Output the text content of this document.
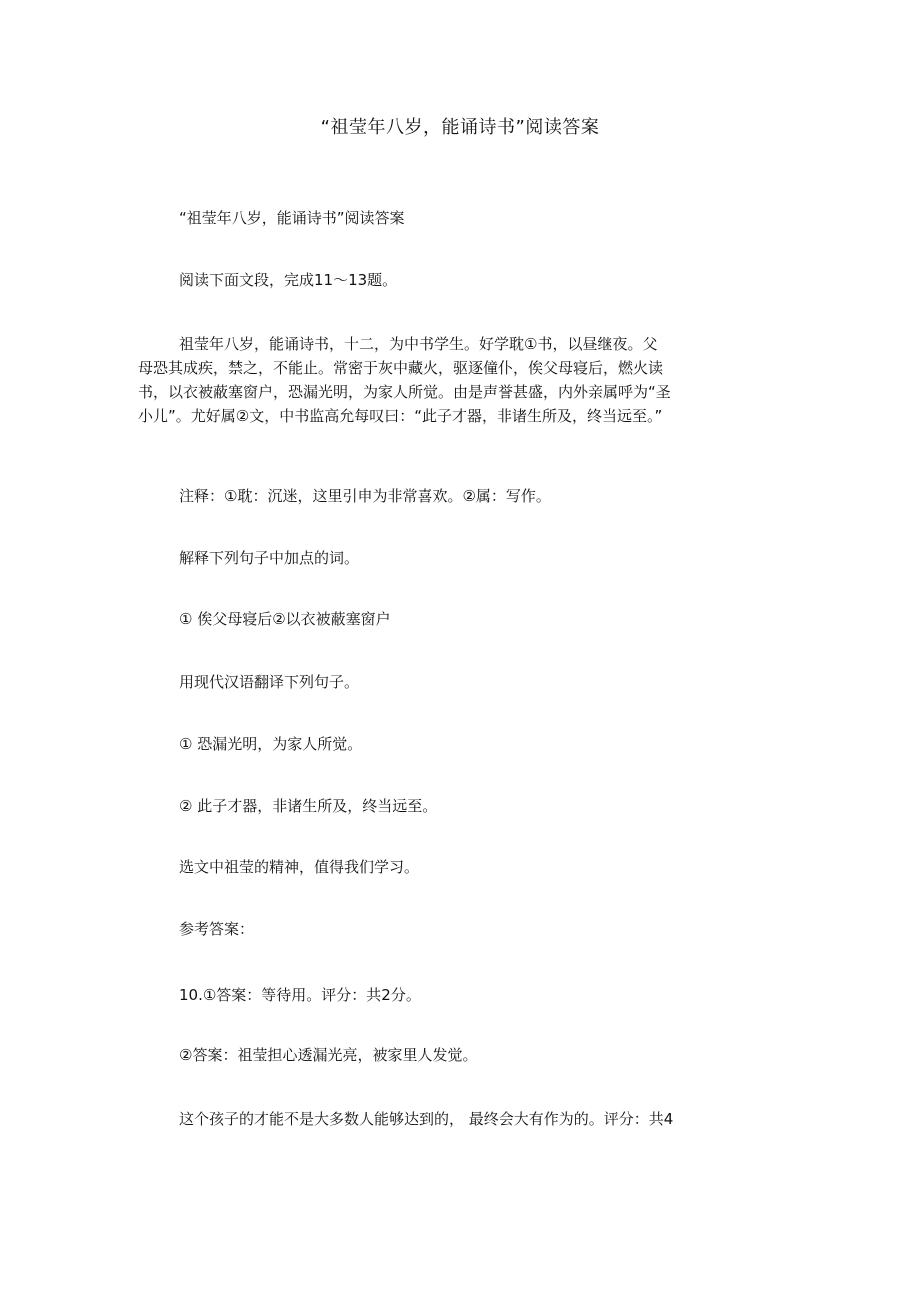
“祖莹年八岁，能诵诗书”阅读答案
“祖莹年八岁，能诵诗书”阅读答案
阅读下面文段，完成11～13题。
祖莹年八岁，能诵诗书，十二，为中书学生。好学耽①书，以昼继夜。父
母恐其成疾，禁之，不能止。常密于灰中藏火，驱逐僮仆，俟父母寝后，燃火读
书，以衣被蔽塞窗户，恐漏光明，为家人所觉。由是声誉甚盛，内外亲属呼为“圣
小儿”。尤好属②文，中书监高允每叹曰：“此子才器，非诸生所及，终当远至。”
注释：①耽：沉迷，这里引申为非常喜欢。②属：写作。
解释下列句子中加点的词。
① 俟父母寝后②以衣被蔽塞窗户
用现代汉语翻译下列句子。
① 恐漏光明，为家人所觉。
② 此子才器，非诸生所及，终当远至。
选文中祖莹的精神，值得我们学习。
参考答案：
10.①答案：等待用。评分：共2分。
②答案：祖莹担心透漏光亮，被家里人发觉。
这个孩子的才能不是大多数人能够达到的， 最终会大有作为的。评分：共4
